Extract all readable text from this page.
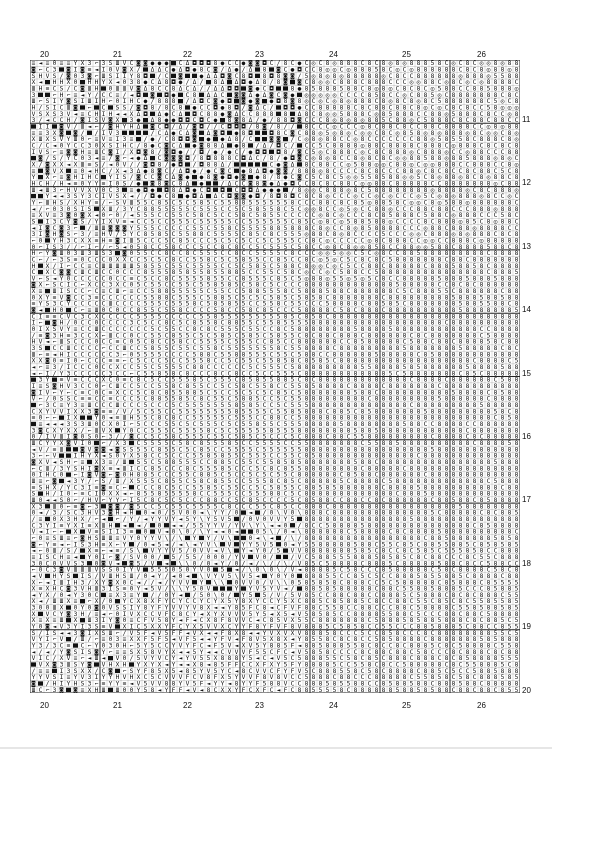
20	21	22	23	24	25	26
20	21	22	23	24	25	26
11
12
13
14
15
16
17
18
19
20
≡ ◄ ≡ 0 ≡ ≡ Y X 3 ⌐ 3 S Ш V C ◙ ◙ ● ● ● C Δ ◘ ◘ ◘ 8 ● C C ● ◙ ◙ ◘ C / 8 C ● C ◎ C 8 ◎ 8 8 8 C 8 C 8 ◎ 8 ◎ 8 8 8 5 8 C ◎ C 8 C ◎ ◎ 8 ◎ 8 8
◙ ⌐ C 3 ◙ I ◙ ≡ ◄ I 0 V ◙ X / Δ Δ C ● Δ ◘ ● 8 C ◙ / Δ ● / Δ 8 ◙ C ● ◘ C C 8 ◎ ◎ C ◎ 8 8 8 5 8 C ◎ C ◎ 8 8 8 8 8 8 C 8 C 8 ◎ 8 8 ◎ 8
S H V S / ◙ 0 3 ◙ ⌐ Ш S I I Y 8 ◘ / C ◙	● Δ Δ ◘ ◙ C 8 ◘ 8 ◘ 8 ◙ ◙ / 5 ◎ 8 ◎ 8 ◎ 8 8 8 8 8 ◎ C 8 C C 8 8 8 8 8 8 ◎ 8 8 8 ◎ 5 5 8 8
X ◄ H H X 0 H H Y X ◄ 0 3 8 ● C Δ 8 ◘ ● / Δ / 8 Δ Δ ◘ ● Δ 8 / 8 ◙ ◙ C 8 ◎ ◎ C 8 8 8 C 8 8 8 C C C ◎ ◎ 8 8 C ◎ 8 C ◎ C ◎ 8 8 8 8 C
Ш H ≡ C S / C ◙ Ш H 0 Ш Ш V ◙ Δ 8 C C 8 Δ C Δ / / Δ Δ ◘ ◘ ◙ ● C ◘	8 ● 8 5 8 8 8 5 8 8 C 8 ◎ 8 ◎ C 8 C 8 C ◎ 5 8 8 C C 8 8 5 8 8 8 ◎
3	⌐ H ⌐ ≡ ◄ Y / C C ≡ / ◄ ◘ ◙ ◘ ● C 8 Δ Δ C ◙ ◙ Δ ● Δ ◙ C ◙ ● ◎ ◎ ◎ ◎ ◎ C C C C 8 5 8 C C ◎ C 8 8 5 ◎ C 8 8 8 8 8 8 8 C 8 C
Ш ⌐ S I Y ◙ S I Ш I H ⌐ 0 I H C ● / 8 8 8 / Δ ◘ C ◙ ● ◘ ◙ ● ◙ ● ◘ 8 ◙ 8 ◎ C ◎ C ◎ 8 ◎ 8 8 8 C 8 ◎ 8 C 8 ◎ 8 C 5 8 8 8 8 8 8 C 5 ◎ C 8
H / S I C Ш ◙ ⌐ C S S / ◙ ◘ 8 / 8 C 8 ● C C ◘ ● 8 ◘ / ◙ Δ C / ◘ ◘ ● C C 8 8 8 8 8 C 8 C 8 8 C 8 8 C 8 ◎ C ◎ C 8 C 8 C C 5 8 ◎ ◎ ◎
V S X S 3 V ◄ ≡ C H I H ◄ ◄ X Δ ◘ Δ ● C Δ ◘ C 8 8 ● ◙ Δ C C 8 8 8 8 Δ 8 C 8 ◎ ◎ 5 8 8 8 C ◎ 8 5 8 8 8 C C 8 8 ◎ 5 8 8 8 C 8 C C ◎ 8
3 / ◄ C C H / ◙ I S V ◙ X 3 ● Δ 8 ● ● ◘ ◘ C ◘ C ● 8 ◙ 8 Δ / ● / 8 8 ◘ ◙ C C C 8 ◎ 8 ◎ 8 ◎ 8 8 5 C 8 8 ◎ C 5 8 8 8 C 8 C 8 8 C 8 8 C C
I I ◙ V / Ш ◄ ⌐ / ◙ H Y H Δ ◙ C ◘ / Δ / ◙ ◘ / / C ◘ ◘ ◘ / 8 ◙ / 8 / / 8 C C C ◎ C C C ◎ 8 C 8 8 C 8 C C 8 8 C 8 8 8 8 C C ◎ 8 ◎ 8 8
≡ ≡ 3 X ◙ ◙ / / I V 3	/ C Δ ● C Δ ◙ Δ ◙ ◘ ● 8 ◘	◘ 8 C ◙ C 8 8 ◎ 5 ◎ 8 ◎ C ◎ ◎ C 8 C ◎ 8 5 8 ◎ 8 ◎ 8 8 8 ◎ 8 C ◎ ◎ C 8 ◎
X Ш X S V Y Ш 0 ⌐ ≡ V ≡ I 3 ≡ / ● / C 8 ◘ ◘ ◙ ● ● Δ 8 / C	◙ ◙ / C ◎ 8 ◎ 8 8 C C ◎ 8 C C C C C C C 8 8 ◎ 5 8 5 5 8 C 8 8 8 C 8 ◎
C / C ◄ 0 Y C C 3 0 X S I H C / 8 ● C ◙ C Δ ● ◙ 8 8 Δ ● 8 / Δ / ◘ C / C C 5 C 8 8 8 8 ◎ 8 8 C 8 8 8 8 C 8 8 8 C ◎ 8 8 8 C 8 C 8 C 8
I V S ⌐ ≡ ◙ ◙ H ≡ Ш C ◙ I / X ◘ ◙ 8 / ◙ ◘ ● / / ◘ / ● / ● C / ● ◘ ◘ ◘ 8 / ◙ C 5 ◎ C 8 8 8 C ◎ C 8 C 8 8 8 ◎ C 8 8 8 ◎ C C ◎ 8 8 C C C 8 8
◙ / S / Y C 0 3 ◄ ≡ / ◙ ⌐ ◄ ● Δ C ◙ ◙ ◙ ◘ / 8 ◘ 8 8 8 C ◘ Δ C / 8 / ● ◘ ◙ C ◎ 8 ◎ 8 C C 8 ◎ 8 C 8 C ◎ ◎ 8 8 5 8 8 ◎ 8 8 5 8 8 8 ◎ 8 ◎ C
X / ◙ X X ◄ X Ш ≡ S / ◄ 0 V / / ◙ ◘ 8 / ● ◘ / ◘ 8 8 Δ /	C ● ◙ Δ 8 C 8 8 C C ◎ 5 8 8 ◎ ◎ C 8 8 ◎ C ◎ ◎ 8 8 8 C C 8 8 8 C C 8 ◎
≡ ◙ V X ≡ 0 ◄ H C / X ◄ 3 Δ ● 8 ◙ C / Δ ◘ ● / ● C ◙ C ● 8 Δ ◘ ● ◙ ◙ / 8 8 8 ◎ 8 C C C C 8 C 8 C C C 8 8 ◎ C 8 C 8 C C 8 C 8 8 C 5 C 8
Y X ⌐ ≡ ◙ H I H C Y I S / ◙ C C ◙ C Δ ◙ ● ● 8 ◙ ● ◘ ● ◙ ● 8 / 8 ● C ◙ C 5 C 8 C 5 ◎ ◎ 5 5 8 5 8 8 ◎ ◎ 5 C 8 ◎ 8 8 ◎ 8 C 8 ◎ 8 8 C 8
H C H / H ◄ ≡ 0 Y Y ≡ I 0 S / ● ◙ 8 ◙ C 8 Δ ●	/ Δ C C ◙ 8 ◙ ● Δ ● ◘ C C 8 C 8 C 8 8 C ◎ ◎ 8 8 C 8 8 8 8 8 C C 8 8 8 8 8 8 8 ◎ C 8 8
Ш ◄ Ш 3 ⌐ H V V X V 0 C 3 ≡ ● ◘ ● ◘ 8 Δ ◘ ● C ◘ ◘ C ◘ ◘ Δ ● ● ● / 8 ◎ ◎ C 8 8 8 ◎ 8 C 5 8 8 8 8 8 8 8 8 ◎ 8 8 8 8 ◎ C 8 C 8 8 8 ◎
Y ◄ ◄ 3 S Y 3 C I V S X ◄ / / ◘ ● C 8 ● ◘ Δ Δ C ◘ ◙ ◙ ● ◘ / 8 ◘ 8 ◘ C 8 C 8 ◎ C C C ◎ C C ◎ C ◎ C C C ◎ 5 C ◎ 8 ◎ 8 8 8 ◎ 8 C C ◎ C
Y ⌐ Ш H S / X H Y ≡ / ⌐ S V Ш 5 5 C 8 5 C 5 C 5 8 5 C 5 5 8 8 5 5 5 5 5 5 8 C C C 8 8 C 8 C 8 5 ◎ 8 8 5 8 C ◎ ◎ C 8 ◎ 5 8 8 ◎ 8 8 8 8 8 8 C
◄ / ⌐ 0 3 0 S I S X Ш / 3 Y C 8 8 5 5 5 5 5 C 5 5 5 C C 5 C 5 8 5 5 8 C 5 C ◎ ◎ 8 C C ◎ 5 ◎ C C 8 8 ◎ C C C 8 8 C 8 8 C C C 8 8 8 ◎ 8 8 8
≡ X V ≡ 3 ◙ 0 ◙ X ◄ 0 ⌐ 0 / ◄ 5 5 5 C C 5 5 C 5 8 C 5 C C 5 8 C 5 8 5 5 C C C C C ◎ 8 C ◎ C C C 8 C 8 5 8 8 8 C 5 8 8 C ◎ 8 8 8 C C C 5 8 C
S I 3 C Y ◙ S / Y I X V ≡ ◄ C C 5 C C 5 5 5 C 5 5 5 5 5 C C 5 5 5 5 5 5 C 8 5 C ◎ 8 C ◎ 5 8 8 5 8 8 ◎ C C C C 8 C 8 8 8 ◎ 8 5 C 8 ◎ 8 8 C
◄ I ◙ C ◙ 3 ⌐ / Ш Ш ◙ ◙ ◙ Y 5 5 5 C C C C C 5 5 C 5 5 8 C 5 5 5 5 8 8 5 8 8 8 C 8 ◎ C C 8 ◎ 8 5 8 8 8 8 C C C ◎ 8 8 C 8 8 8 ◎ 8 8 8 8 C C
3 I ◙ H ◙ S ⌐ 3 / ≡ H V / S Y C 8 5 8 5 C 5 5 8 8 C 5 5 5 5 C 8 5 C 8 C 5 5 5 ◎ 8 8 C 8 ◎ 8 C C C C 5 C C C ◎ ◎ C 8 8 8 ◎ 8 ◎ 8 8 8 C 8 C 8
⌐ 0 Y H 3 C X X ≡ H ≡ ◙ I Ш 5 C C C 5 C 8 5 C C C 5 C 5 C 5 C C 5 C 5 5 5 C C 8 C ◎ C C C C C ◎ 8 C 8 8 8 C C ◎ ◎ C C 8 8 8 C ◎ 8 8 8 8 8
0 ⌐ I S 3 / / ⌐ I ⌐ / ⌐ S ◄ 0 5 8 C C 5 8 C C C 5 C C 8 C 8 C C 5 C 5 5 5 C 5 8 C C ◎ 8 C 8 ◎ ◎ 8 5 8 C C 8 8 ◎ ◎ 5 8 8 C 8 8 8 8 5 8 8 C 8
H ⌐ Y ◙ Ш 0 3 Ш 3 Ш S 3 ◙ 0 5 5 C C 8 C C 8 C 5 5 5 C C 8 C C 5 5 5 5 C 8 C C C ◎ ◎ 5 ◎ ◎ C 5 C ◎ 8 C C 8 8 5 8 8 8 8 8 8 8 8 8 C 8 8 8 8
C ⌐ / ⌐ 3 S ≡ 0 C C C 0 X X C C 5 C 5 C 8 C C 5 5 8 C 5 C 5 8 5 5 C C 8 5 C C 8 C ◎ 5 ◎ C 5 C 8 C 8 C 5 8 8 8 8 8 8 8 C 8 8 C 8 8 8 8 8 8 8
H X / I ⌐ C C ≡ C Ш Ш Ш Ш Ш 5 8 5 5 C 5 5 C 5 5 5 5 C C 5 C 5 8 5 C 5 8 8 C 8 ◎ ◎ C ◎ C 5 C C 8 8 C 8 8 8 8 8 C 8 8 8 5 8 8 5 8 C 8 8 8 8
C X C ◙ ◙ C Ш C Ш C C 0 C C C 8 5 5 5 8 5 8 5 5 8 5 5 8 8 5 C C 5 5 C 5 8 C ◎ C C ◎ C 5 8 8 C C 5 8 8 8 8 8 8 8 8 8 8 8 8 8 8 8 C 8 8 8 5
V ⌐ S ◄ Y 0 C C C C C 0 C C ≡ C 5 C C 8 C 5 5 5 5 8 5 5 C C 8 5 5 5 C 8 5 C 5 ◎ 8 8 ◎ 5 5 ◎ 5 ◎ 5 C 8 C C 8 8 8 8 8 5 8 8 8 5 8 8 8 5 8 8 8
◙ X ⌐ S C I C ⌐ X C C 3 X C 0 5 C 5 5 C C 5 5 C 5 5 8 5 8 5 C 5 8 C 5 C C C C 8 8 8 8 8 8 8 8 8 8 8 8 8 5 8 8 8 8 8 C C 8 C 8 C 8 8 8 8 8 8
X ≡ Ш I S C C ⌐ C ≡ C Ш ⌐ ≡ C C 5 8 8 5 5 5 5 5 C 5 5 C C 5 8 8 5 5 5 8 C 5 8 8 8 5 8 8 C 8 8 8 8 8 8 C 5 C 8 8 8 5 5 C 8 8 8 8 8 8 C 8 8
0 X Y ≡ V ◙ C C 3 ≡ C C C C C C 5 5 8 8 C 5 5 5 C 5 8 8 5 C 5 C 5 C 5 8 5 C 5 8 5 8 C 8 8 8 8 8 8 8 C 8 8 8 8 8 8 8 8 8 5 8 8 8 5 8 8 5 8 8
≡ Y S 3 C Y C C C C C Ш C C C C 5 5 5 C 5 5 5 8 C 5 8 5 8 5 5 C C 5 5 8 C 5 5 C C C 5 8 8 8 8 C 8 8 5 8 5 C 8 8 8 8 8 8 8 5 8 8 5 5 8 8 C 8
◙ ◄ H 0 C ⌐ ≡ Ш 0 C 0 C C 8 5 5 C 5 5 8 C C C C 5 8 C C 5 8 C 8 5 C C C 5 8 8 8 8 C 5 8 C 8 8 8 C 8 8 8 8 8 8 8 8 8 8 5 8 8 8 8 8 8 8 5
C I ≡ ≡ C V C 3 C X C C C C C 5 5 5 5 C C C C C 5 5 8 5 5 5 5 5 5 5 5 5 8 5 C 8 5 8 C 8 8 8 8 8 8 8 8 8 8 8 8 8 8 8 8 8 8 8 8 8 8 8 8 8 8 8
I ⌐ ◙ H / 0 C C 0 C C C C 3 C 5 C C 8 C 5 C 8 5 5 8 C 8 8 5 5 C 5 5 8 5 5 5 5 8 8 8 8 8 8 8 8 8 8 8 8 8 8 8 8 8 8 8 C 8 8 8 8 8 8 8 8 8 8
0 I X S V Y ≡ C C Ш C C C C C C C 5 C 5 5 C C 8 C 8 C 5 5 5 C 5 5 C C 8 C 5 8 8 8 8 8 8 8 8 5 8 8 8 8 5 8 8 8 8 8 8 8 8 8 8 8 8 C C 8 8 8 8
/ ≡ ◙ 3 H ≡ 3 C C X ⌐ Ш C C 0 C C 5 5 C 8 5 5 C 5 C 5 8 5 C 5 8 5 C 5 8 5 5 C 8 C 8 8 C 8 8 8 C 8 8 8 8 8 8 C 8 C 8 8 8 8 8 8 8 C 5 8 8 8 8
H V ◄ ⌐ Ш S C C C 0 C C ≡ C 0 5 C 8 C C 5 8 C C 5 5 5 5 C 5 5 5 C C 8 5 C C 8 8 8 8 8 8 C C 8 5 8 8 8 8 8 C 5 8 8 C 8 8 C 8 8 8 8 5 8 C 8 8
3 S C C Ш C C C C ⌐ C C Ш C C 5 8 5 5 C 5 5 C 5 5 8 C 5 5 5 5 5 5 5 8 C 5 5 8 8 8 8 C 8 8 8 8 8 8 8 8 8 5 8 8 8 8 8 8 8 5 8 8 8 8 8 C 8 C
Ш ⌐ ≡ ◄ H I C C C C C C 3 ⌐ 0 5 5 5 5 C C C C 5 8 8 C 5 5 8 8 5 5 5 C 5 5 C 5 8 8 C C 8 8 8 8 8 8 5 8 8 8 8 8 C 8 5 8 8 8 8 8 8 8 8 8 8 8 8
X X ◙ 0 ≡ I 0 ⌐ C C C ≡ ≡ ⌐ C 5 C C C 5 C C 5 5 5 8 C C 5 C 5 5 C 5 5 8 5 8 C 8 5 8 5 C 8 8 8 8 8 8 8 8 8 8 8 8 8 8 8 8 8 8 8 C 8 8 8 8 C 5
◄ ⌐ ≡ 3 / I C C C 0 C C X C C 5 5 C 5 5 5 5 C 8 8 C C C C C C 5 C 5 5 5 C 5 8 8 8 8 8 8 8 8 8 5 5 8 8 8 8 5 8 5 8 8 8 8 8 8 5 8 8 8 8 5 8 8
◄ ⌐ I / Y 3 C C C C C 3 C C ⌐ C 5 5 8 5 8 C 8 C C C 8 C C 8 C C 5 C C 5 5 5 C 8 8 8 8 8 8 8 8 8 8 8 8 5 C 5 8 8 8 8 8 8 8 C 8 5 C 8 8 8 8 8
3 Y ≡ V ≡ C C C X C 0 ≡ C 8 C 5 C C 5 5 5 8 5 C 5 5 5 C 8 5 8 5 5 8 8 5 C 8 C 8 8 8 8 8 8 8 8 8 8 8 8 8 C 8 8 8 8 C 8 8 8 8 8 8 C 5 8 8
I ≡ S ◙ H V 3 C C 0 ⌐ C Ш C C 5 C C 5 5 8 C 8 5 5 C C 5 C 5 8 C 5 5 8 C C 5 5 8 5 8 8 8 8 C 8 8 8 8 C 8 8 8 8 8 8 8 C 8 8 8 8 8 8 8 8 8 8 8
◙ I V ⌐ Y ⌐ C ≡ C 0 C ≡ X C C 5 C 8 C 8 5 5 8 8 5 C 5 C C 5 C 5 C 5 C 8 5 C 5 8 8 8 8 8 8 8 5 8 8 C 8 8 8 8 8 8 8 8 8 8 5 8 8 8 8 C 8 5 8 8
V ⌐ / 0 S S C ≡ ≡ C C ≡ C C C 5 C 8 8 5 5 8 5 C 8 C 5 5 C 5 8 8 5 C C 5 C 5 5 8 8 8 8 8 8 8 8 8 C 8 8 8 8 8 8 8 8 8 5 8 8 8 8 8 8 C 8 8 8 8
⌐ 3 C ≡ Y 3 ≡ Ш C C C Ш C C C 5 C C C 5 C 5 5 5 5 5 5 5 8 5 8 5 C C 5 C 5 5 5 8 8 8 8 8 8 8 8 8 8 8 8 8 8 C 8 8 8 8 8 8 8 8 8 5 8 8 8 8 8
C X Y V V I X X 3 ◙ ≡ ≡ / V / 5 C 5 5 C C 5 5 5 5 5 5 5 5 8 5 5 5 5 C 5 5 8 5 8 8 8 C 8 8 5 C 8 5 8 8 8 8 8 8 8 5 8 8 8 8 8 8 8 8 8 5 8 C 8
≡ 0 ⌐ ⌐ I X	Y 0 ◄ ≡ Ш H 5 5 C 8 C 8 C C 5 5 5 5 5 C 5 5 5 C C 8 8 C C 5 8 8 8 8 8 8 8 8 8 8 8 8 8 8 8 8 8 8 8 8 8 8 8 8 8 8 8 C 8 5 8
≡ ◄ ◄ ◄ 3 S 3 Ш 0 C X 0 I ⌐ 5 C C C 5 5 C 5 C 5 5 5 C 5 C 5 5 8 5 5 C 5 5 5 8 8 8 8 8 5 8 8 8 8 8 8 8 8 5 8 8 C C 8 8 8 8 C C 8 8 8 8 8 8
3 ◙ C X Y X X / ⌐ Ш V X Y 0 C C 5 5 5 C 5 5 5 5 8 C 5 C 5 5 5 5 5 8 5 5 5 8 8 8 8 8 8 8 8 5 8 8 5 8 8 8 8 8 8 8 8 8 8 8 8 C 8 8 8 8 8 8 8
0 / I V Ш I ◙ 0 S 0 ⌐ 3 / / ◙ C C 5 C 5 8 C 5 5 5 C 5 5 C 5 8 5 C 5 C C C 5 C 8 8 8 C 8 8 C 5 5 8 8 8 8 8 8 8 8 8 C 8 8 8 8 C 8 C 8 8 8 8 8
Ш C Y Y X ◙ V I 0 ⌐ / X 3 C 5 5 5 5 C 5 8 C 8 5 5 5 8 5 C C 5 5 5 5 C C 5 5 8 8 8 8 8 8 8 C 5 5 8 8 5 8 8 8 8 8 8 8 8 8 8 C 8 8 8 8 5 8
◄ V / ≡ Ш	◙ V ◙ ◙ ◄ ◙ S S 5 5 C 8 5 5 C 5 C 8 5 C C 5 5 5 5 C 5 5 5 5 5 5 8 8 8 8 8 8 8 8 8 8 8 8 8 8 8 8 8 8 5 8 8 8 8 8 8 8 8 8 8 8 8
3 ⌐ ⌐ V	I H Y X ◄ S 0 Y X 5 8 C C 5 C C C 5 5 8 5 8 5 5 C 5 5 5 C C 5 5 C 8 5 8 8 8 8 8 8 8 8 8 8 8 8 8 8 C 8 8 8 8 8 8 8 8 8 8 8 8 8 8
◙ X V ◄ S H ⌐ ≡ X 3 ≡ / Ш 5 5 C 5 8 8 5 5 5 C C 8 8 5 C 5 5 C 5 5 8 5 8 5 8 8 8 8 8 8 8 5 8 8 C 8 8 8 8 8 8 8 8 8 8 8 8 8 8 8 8 5 8 8 8
⌐ C Ш / 3 Y S H I ◙ X ≡ ◄ Ш I C C 8 5 C C C 8 C 5 5 5 8 5 C C C 5 C 8 C 8 5 5 8 8 8 8 8 8 8 8 C 8 8 8 8 8 C 8 8 8 8 8 8 8 8 8 8 8 8 8 8 8 8
0 I H C 0 ⌐ I ◙ V ◙ ⌐ ◙ 0 H 8 8 5 C C C 5 5 C 8 8 5 C 5 C C 5 C 5 C 5 5 C 8 8 8 8 8 8 C 8 5 8 8 C 8 8 8 8 8 8 C 8 8 8 8 8 8 8 8 8 8 8 8 8
Ш ≡ ⌐ ◙ ◄ 3 Y / ⌐ S / Ш / X 5 5 5 C 8 5 5 C 5 8 C 8 5 5 C C 5 5 5 8 C 8 5 C 8 8 8 8 8 5 C 8 8 8 8 C 5 8 8 8 8 8 8 8 8 8 8 8 8 8 C 5 8 8 8
≡ S H X / Y C 3 I ≡ ◙ ≡ C ⌐ C C C 8 C 5 C C 5 5 8 5 C 5 5 C C 5 C 5 8 5 5 C 8 8 5 8 5 8 8 8 8 8 8 C 8 8 8 8 5 8 8 8 8 8 8 8 8 8 8 8 C 8 8
S H / I 0 ⌐ ≡ C I 0 X X ◄ ⌐ 8 5 5 8 5 5 5 5 8 C C 5 5 5 C C 5 5 5 8 8 C 5 C 8 8 8 8 8 8 8 8 8 8 8 8 8 C 8 8 8 5 8 8 8 8 8 8 8 8 8 8 8 8 8
Ш 0 ◄ ◄ S 0 ⌐ / H V ⌐ Y Y ⌐ I 5 C 8 C 5 C 5 C C C 8 8 C C 5 C 8 5 C C C C 5 C 8 5 8 8 C C 8 8 C C 8 C 8 8 8 8 8 8 C 8 8 5 8 8 C 8 5 8 8 8 8
X 3 Ш 0 ⌐ ≡ ◙ ⌐ 3 ◙ ◙ / ◙ 5 C C 5 C 5 5 C 5 5 5 5 C 8 C C C 5 5 C 8 5 C C 8 8 8 C 8 8 8 8 8 8 8 8 8 8 8 8 8 8 8 8 8 8 5 8 8 8 8 8 8 8 8
0 ◄ / 3 / S C 3 H V 3 ◙ H ◄ H 0 ◄ 0 / 5 V 0 0 ◄ \ Y Y / 0 ◄ / 0 \ V 0 \ 8 8 8 C 8 8 8 8 8 8 8 8 8 8 8 8 8 8 5 C 8 8 8 8 8 C 8 C 8 8 5
/ ≡ 0 X 3 H X / ⌐ ◄ ⌐ / Y / ◄ Y Y V Y ◄ 5 Y \ Y 5 V 5 / 0 V 0 V V Y 5 8 8 8 8 8 8 8 8 8 8 8 8 8 8 8 5 8 8 8 8 8 8 8 8 8 8 8 8 8 8 8
C 3 Y I ≡ Y X I ≡ X Ш H ◄ ◄ / 0 ◄ ◄ / 5 5 Y Y V / Y V \ Y \ ◄ ◄ 0 / 8 C C 5 8 8 8 8 5 8 8 8 8 8 8 8 8 8 8 8 8 8 8 8 C 8 5 8 8 8 8
V ◄ I ⌐ ⌐ X V ≡ S I I 3 ≡ 0 V ◄ 0 \ 0 / \ Y ◄ ◄ 0 ◄	0 5 \ / 0 ◄ \ 8 8 8 8 8 8 C 5 8 8 8 8 C 8 C 8 8 8 8 5 8 8 8 8 8 8 8 8 8 8 C
⌐ 0 ≡ S Ш ≡ ⌐ ◙ H S Ш Ш ≡ V Y 0 Y Y V \ / \ Y Y / V \	0 ◄ \ ◄ / \ / 8 8 8 8 8 8 8 8 8 8 8 8 8 8 8 8 8 C 8 8 5 8 8 8 8 8 8 5 8 5 8
◙ ⌐ Y ≡ ◄ ⌐ I S 3 H ≡ X ⌐ Y / 0 ◄ 5 ◄ / ◄ \ ◄ Y V \ V Y Y 5 V 5 0 ◄ Y 5 5 8 8 8 8 8 5 8 8 C 5 5 C 8 5 C 8 8 5 5 8 8 5 C 8 5 8 5 8 5
◄ ⌐ 0 Ш / S / X ≡ ⌐ ◄ ≡ / S \ V Y Y V 5 / 0 V V ◄ V \ Y ◄ Y 0 / 5 V V 8 8 8 8 8 8 8 5 8 5 C 8 C C 8 C 5 8 5 C 5 5 5 8 5 8 C C 8 8 8
≡ I S C H ≡ ◄ Y 0 I ⌐ ◙ / S V 0 0 / 5 / 5 5 / 0 0 0 / Y V V 0 /	/ V C 5 8 8 5 5 5 8 8 8 5 8 5 8 5 C 8 C 8 8 C C C 8 C 5 5 C 8 8 8
3 0 C 0 V V S 3 0 ◙ V ◄ ◙ 5 / V ◄ \ \ 0 / 0 ◄ Y / 0 / ◄ / \ / / \ / V 8 5 C 5 8 8 8 8 C 8 8 8 5 C 8 8 8 8 8 5 8 8 C 8 C C 5 8 8 C C
⌐ 0 C 3 ◙ V Ш Ш Ш V S S 0 I Y V 5 5 5 0 5 0 Y V 0 5 ◄ / \ 0 \ 0 \ / V ◄ 8 8 8 8 5 C 5 8 C C C 8 5 8 8 8 8 8 C 5 8 C 8 8 8 8 C 5 8 C 8
◄ V H Y S I S / V Ш H S Ш / 0 ◄ Y / ◄ 0 ◄ \ V Y V 5 \ V 5 ◄ Y 0 Y 0 8 8 8 5 5 C C 8 5 C 5 C C 8 8 8 5 8 5 5 8 8 5 C 8 8 8 8 C 8 8
X ⌐ ◄ I Ш I H 3 / X Y ◙ X 0 C ◄ / / ◄ / Y V V Y \ \ 0 V V 0 / V \ \ 0 5 8 5 8 5 8 C 8 8 8 C C 5 C 5 8 8 8 8 8 C 8 5 8 8 8 C 8 5 5 5 5
X ≡ X H C ◙ 3 V H Ш 3 I S ≡ 0 Y ◄ 5 V / \ \ Y 5 0 V	Y Y V 5 Y V ◄ / 8 8 5 8 5 8 8 8 8 8 C 8 8 C 5 5 8 8 5 8 8 8 5 C C C 8 5 8 8 5
◄ Y X / 0 ◄ Y 3 0 C ≡ X 3 ≡ Y / / 0 Y ◄ / 5 0 \ 0 / Y 5 5 / V / 5 V 8 5 C C 8 8 C 8 8 C C 8 8 8 5 C 5 8 8 8 C 8 C 8 C 8 8 8 C 5 5
X ◄ / Ш Ш X ≡ ⌐ X / 0 Y C X 8 X F Y C Y C C Y C Y X 5 Y 8 X Y C C Y 5 X C 8 8 5 C 8 5 8 8 5 C 8 C C 8 8 C 5 5 C 8 5 C 8 C 5 5 8 5 5 8 5
3 0 0 Ш X 0 Y 0 ◙ 0 V S S I Y 8 Y F Y V V Y V 8 X ◄ ◄ Y 8 5 F C 8 ◄ C F V F 8 8 C 5 5 8 C C 8 8 C C C 8 8 C 5 8 8 8 8 C 5 5 8 5 8 8 5 8 5
X V C Y ◙ 3 H / ≡ ◄ ⌐ 0 I V X C C V F C 8 C Y ◄ X Y X V V V 5 Y 5 ◄ X 5 ◄ V 5 8 5 8 5 C C 8 8 8 8 5 5 8 8 C 5 C C C 8 8 C 8 8 C 5 8 8 8 8
X ≡ X ≡ Ш X Ш 3 I Y ◙ 0 ≡ C F V 5 8 Y ◄ F ◄ C X 8 F 8 V V C ◄ C 8 5 V X 5 5 C 8 8 8 8 8 8 8 C 5 8 8 8 5 8 5 8 8 5 8 8 8 C 8 C 8 8 5 C 5
Y 0 ◙ ◄ V 3 Y I 3 S ≡ V X I C 5 X X Y F C Y X 5 V V X C Y Y F 8 Y F V F 8 V 8 8 8 5 C 5 8 5 8 C C 5 5 C C C 8 8 5 8 8 8 5 C 8 8 C C 8 5 5
S / I S ◄ ◄ 3 ◙ I X S Ш ⌐ / V 5 F ◄ V 5 F F ◄ V X ◄ ◄ F 8 X 8 ◄ ◄ Y V X V X V 8 8 8 5 8 C C C 5 C C 8 5 8 C C C 8 C 8 8 8 8 8 8 8 8 5 5 C 5
V Y I ⌐ V / Ш / ⌐ ≡ 0 3 ≡ X X F 5 F 5 ◄ V F 5 ◄ ◄ Y F V ◄ F 8 V 5 X 8 X ◄ Y 8 5 5 8 C 8 C 8 C C 5 8 5 8 8 8 8 C 8 8 8 8 8 8 8 5 8 5 8 8 8
Y 3 / 3 C ≡ C ⌐ Y 0 3 0 H ⌐ 5 Y 5 C C Y V Y F C ◄ F 5 V ◄ X V 5 Y 8 8 5 F ◄ 8 8 5 8 8 8 5 5 8 C 8 C C 8 C 8 8 8 5 C 8 C 5 8 8 8 8 C 5 5 8
◄ / ◄ / Y ◙ S I S ◙ Y ⌐ ≡ ≡ S X 5 8 V Y X ◄ ◄ 5 Y ◄ ◄ C V V V F 5 5 C F C ◄ V 5 8 5 8 C C C C 8 C 8 8 C 8 8 C 5 8 C C C 8 C 8 8 8 C 8 C 8 8
V I C / X V ≡ ⌐ ◄ Ш ◄ V 0 / 5 V Y V C Y ◄ Y V 5 5 X 8 8 8 Y 5 ◄ C ◄ V 5 C 5 8 8 8 5 5 C 5 8 C 8 5 C 8 8 8 C 8 8 8 C 8 C 8 5 8 8 8 8 5 5 5
V X ◙ 3 Ш S Y ◙ V H X H Y X Y X ◄ Y ◄ ◄ X 8 ◄ 8 5 F F C C X F X Y 5 F Y 8 8 8 8 5 C C 5 5 8 C 8 C C 5 8 8 8 8 8 C 8 C 5 5 8 8 8 5 C 8
/ ≡ ≡ I 3 S X X / C ◙ ⌐ S Y F 8 5 X 5 ◄ 8 5 Y V 5 Y C ◄ 8 C V V C F Y F V 5 C 8 8 8 5 5 8 C 5 8 C 8 8 8 8 C 8 8 5 C 5 C C 5 8 8 5 8 8 8
Y Y V S I ≡ Y V 3 I Y Y H V H X C 5 C V V V F C V 8 F X 5 Y V V F 8 V 8 V C C 5 8 8 8 C 8 8 C C C 8 8 8 8 8 C 5 5 8 5 8 C 5 8 C 8 8 8 5 8 5
◙ / H I Y H S 3 ⌐ ≡ Y Y ≡ ◄ V 5 V V 8 8 Y V 5 F ◄ Y Y ◄ 8 Y Y F 5 8 8 V C C 8 8 8 5 8 5 5 8 8 C C 8 5 8 8 5 8 8 C 8 8 8 5 8 8 C 8 8 8 8 8
Ш C ⌐ 3 ◙ ◙ ≡ X H Ш Ш 0 0 Y 5 8 ◄ Y F F ◄ V ◄ 8 C X X Y F C X F C ◄ F C 8 8 5 5 5 5 8 C 8 8 8 8 8 8 5 8 8 5 8 5 8 8 C 8 8 C 8 8 C 8 5 5
